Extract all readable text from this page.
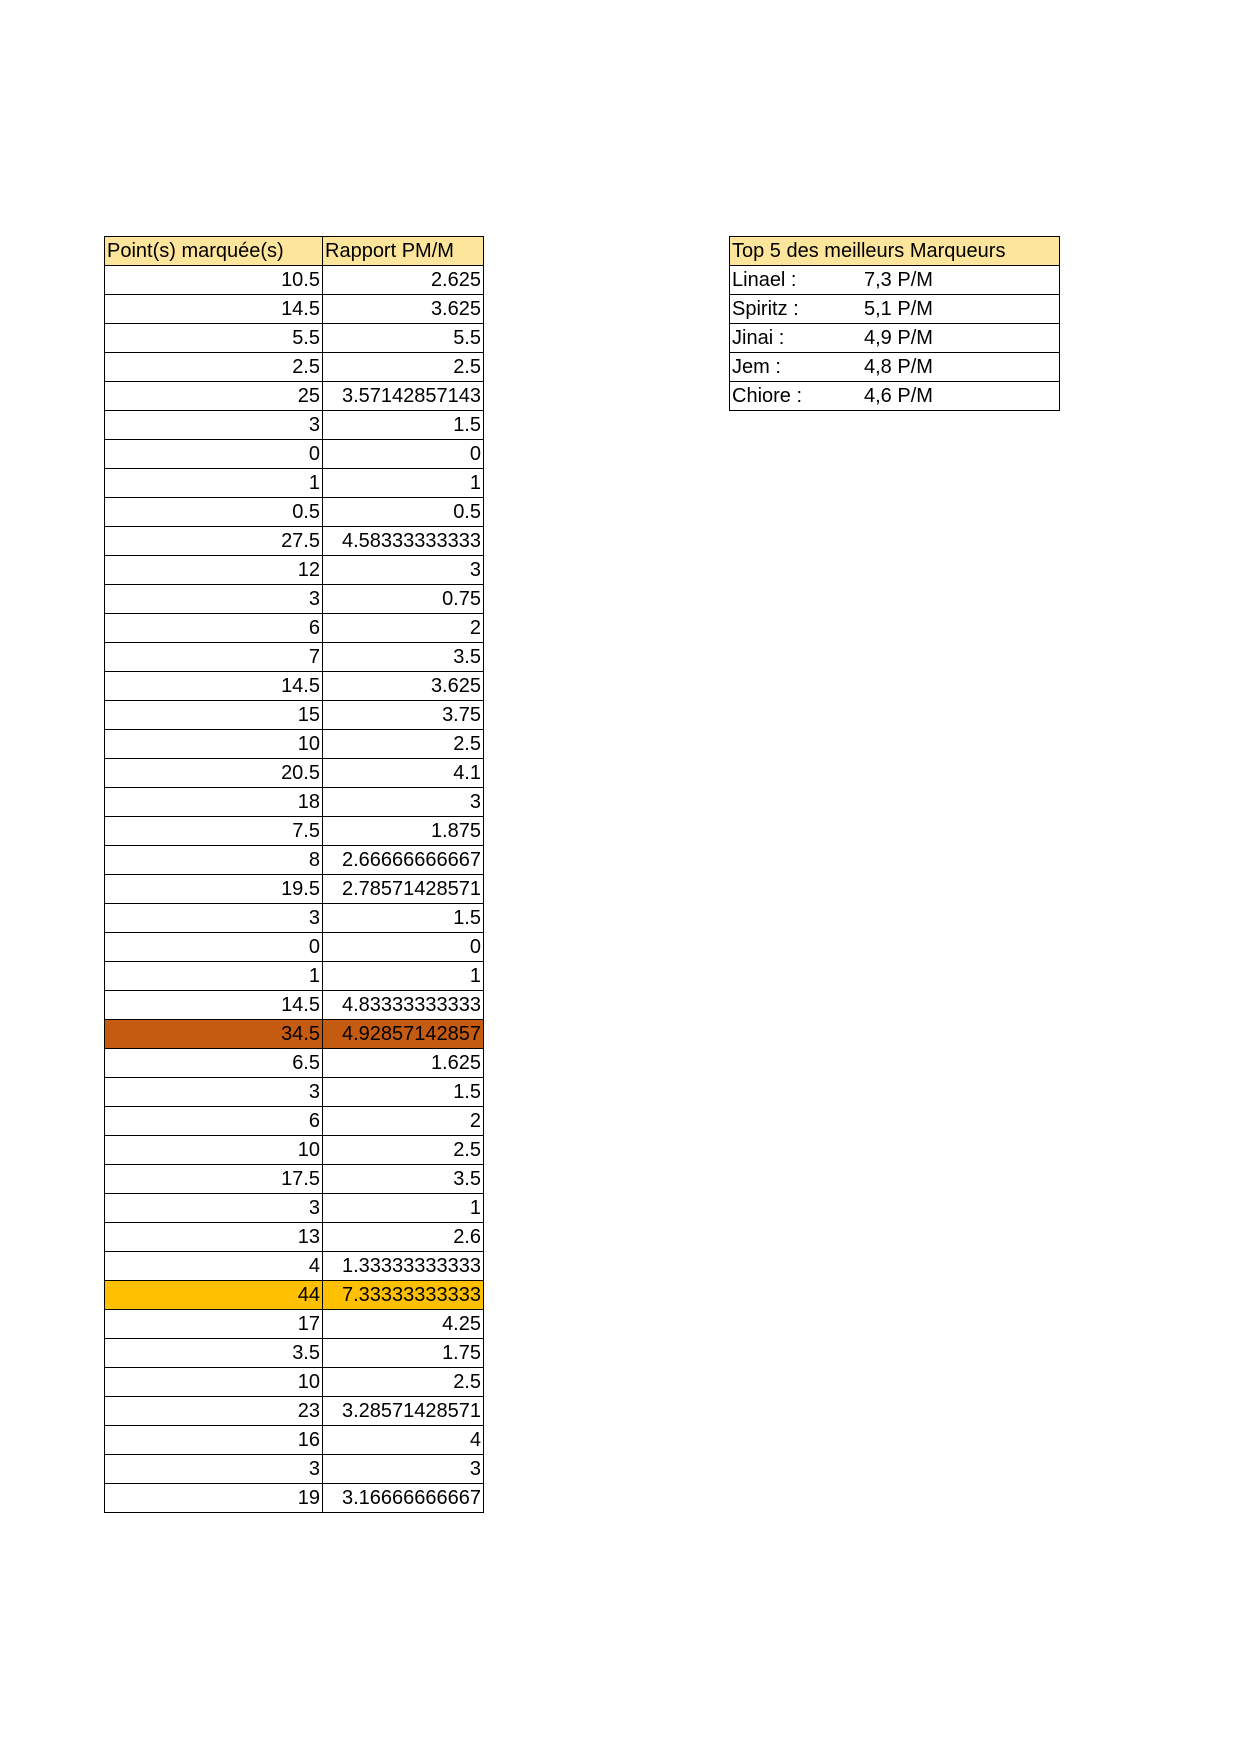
Point(s) marquée(s)	Rapport PM/M
10.5	2.625
14.5	3.625
5.5	5.5
2.5	2.5
25	3.57142857143
3	1.5
0	0
1	1
0.5	0.5
27.5	4.58333333333
12	3
3	0.75
6	2
7	3.5
14.5	3.625
15	3.75
10	2.5
20.5	4.1
18	3
7.5	1.875
8	2.66666666667
19.5	2.78571428571
3	1.5
0	0
1	1
14.5	4.83333333333
34.5	4.92857142857
6.5	1.625
3	1.5
6	2
10	2.5
17.5	3.5
3	1
13	2.6
4	1.33333333333
44	7.33333333333
17	4.25
3.5	1.75
10	2.5
23	3.28571428571
16	4
3	3
19	3.16666666667
Top 5 des meilleurs Marqueurs
Linael :	7,3 P/M
Spiritz :	5,1 P/M
Jinai :	4,9 P/M
Jem :	4,8 P/M
Chiore :	4,6 P/M
